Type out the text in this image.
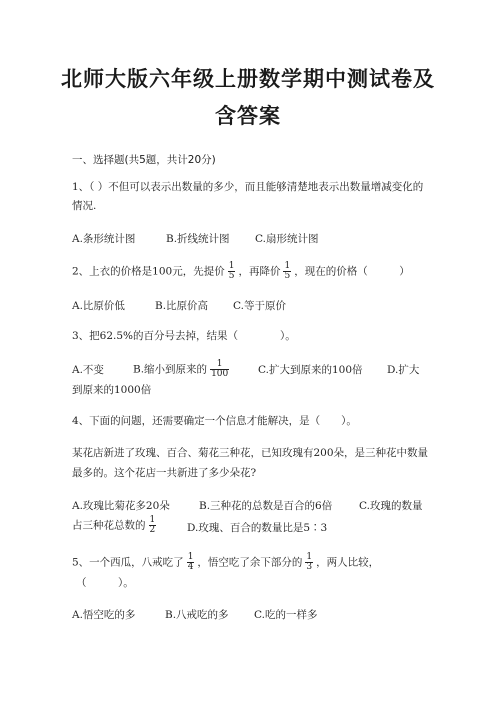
北师大版六年级上册数学期中测试卷及
含答案
一、选择题(共5题，共计20分)
1、（ ）不但可以表示出数量的多少，而且能够清楚地表示出数量增减变化的
情况.
A.条形统计图	B.折线统计图 C.扇形统计图
2、上衣的价格是100元，先提价 $\frac{1}{5}$ ，再降价 $\frac{1}{5}$ ，现在的价格（　　　）
A.比原价低	B.比原价高 C.等于原价
3、把62.5%的百分号去掉，结果（　　　　）。
A.不变	B.缩小到原来的 $\frac{1}{100}$	C.扩大到原来的100倍 D.扩大
到原来的1000倍
4、下面的问题，还需要确定一个信息才能解决，是（　　）。
某花店新进了玫瑰、百合、菊花三种花，已知玫瑰有200朵，是三种花中数量
最多的。这个花店一共新进了多少朵花?
A.玫瑰比菊花多20朵	B.三种花的总数是百合的6倍	C.玫瑰的数量
占三种花总数的 $\frac{1}{2}$	D.玫瑰、百合的数量比是5∶3
5、一个西瓜，八戒吃了 $\frac{1}{4}$ ，悟空吃了余下部分的 $\frac{1}{3}$ ，两人比较，
（　　　）。
A.悟空吃的多	B.八戒吃的多 C.吃的一样多
